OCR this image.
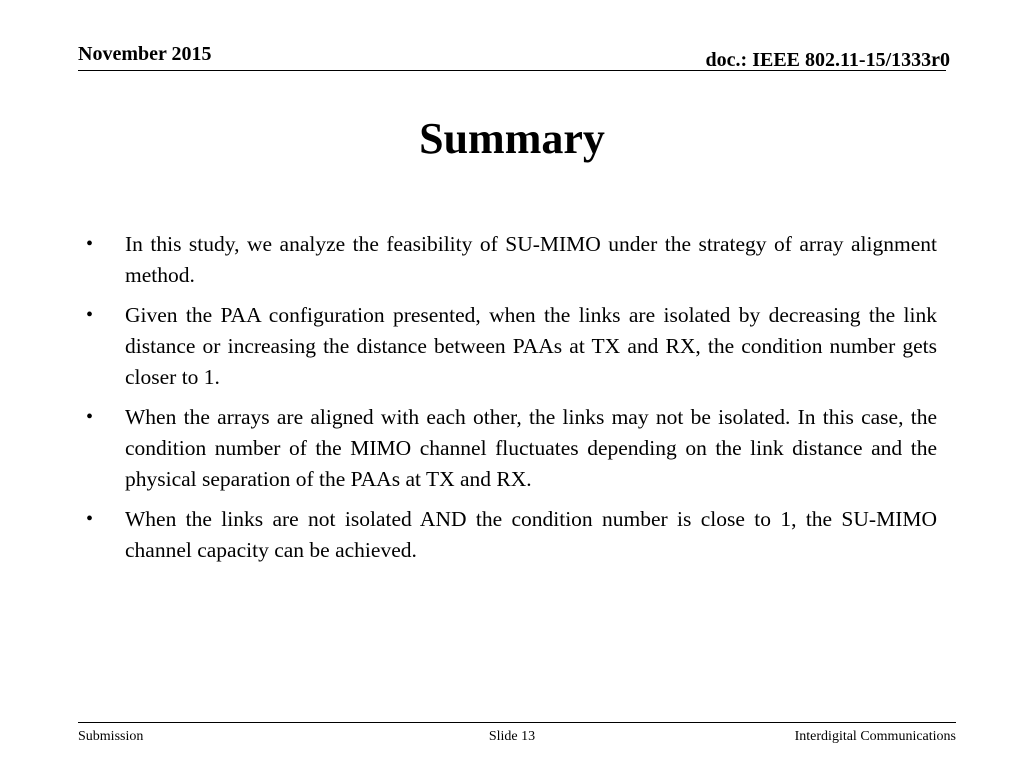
November 2015	doc.: IEEE 802.11-15/1333r0
Summary
• In this study, we analyze the feasibility of SU-MIMO under the strategy of array alignment method.
• Given the PAA configuration presented, when the links are isolated by decreasing the link distance or increasing the distance between PAAs at TX and RX, the condition number gets closer to 1.
• When the arrays are aligned with each other, the links may not be isolated. In this case, the condition number of the MIMO channel fluctuates depending on the link distance and the physical separation of the PAAs at TX and RX.
• When the links are not isolated AND the condition number is close to 1, the SU-MIMO channel capacity can be achieved.
Submission	Slide 13	Interdigital Communications
